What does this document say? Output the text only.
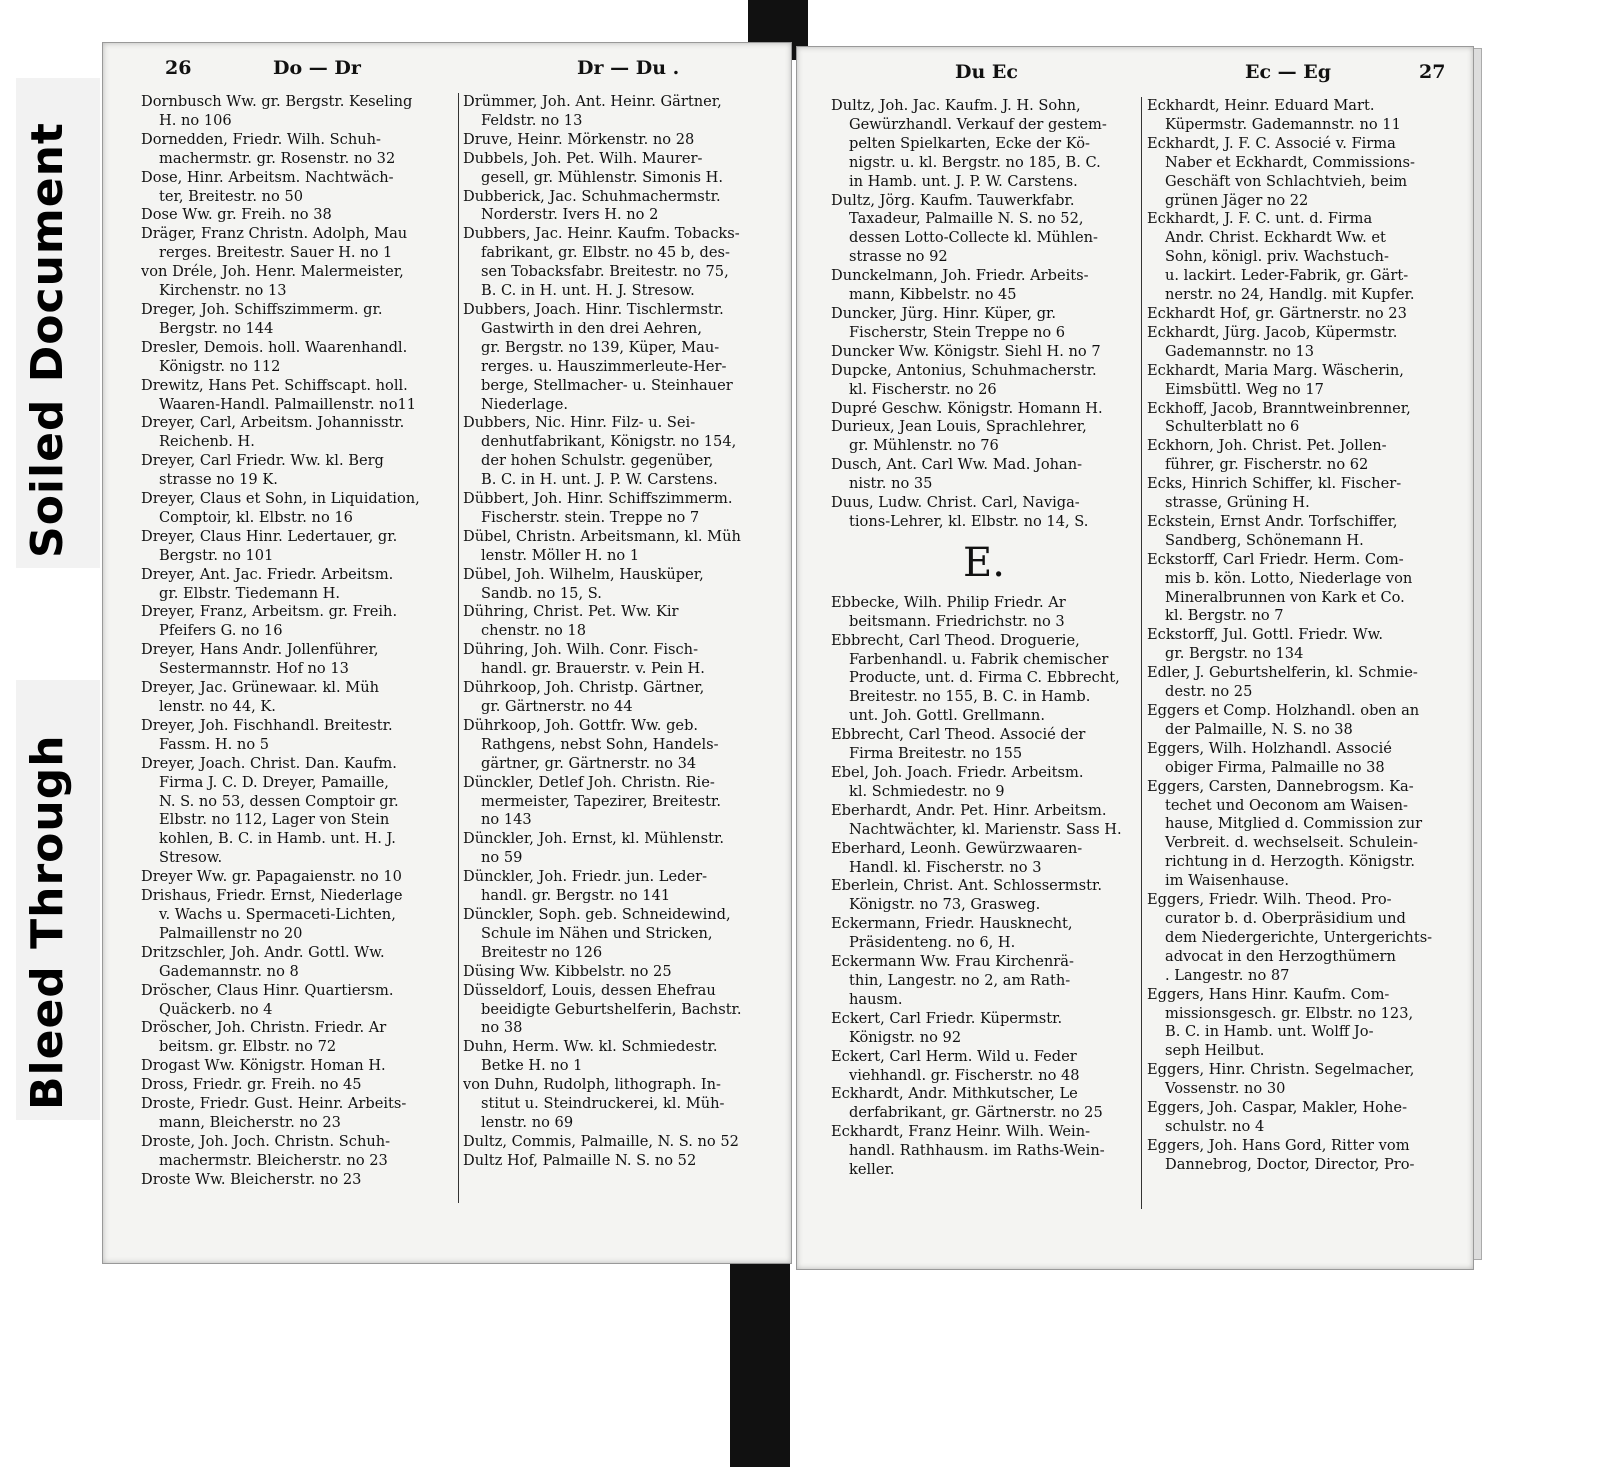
Soiled Document
Bleed Through
26	Do — Dr	Dr — Du .
Dornbusch Ww. gr. Bergstr. Keseling
H. no 106
Dornedden, Friedr. Wilh. Schuh-
machermstr. gr. Rosenstr. no 32
Dose, Hinr. Arbeitsm. Nachtwäch-
ter, Breitestr. no 50
Dose Ww. gr. Freih. no 38
Dräger, Franz Christn. Adolph, Mau
rerges. Breitestr. Sauer H. no 1
von Dréle, Joh. Henr. Malermeister,
Kirchenstr. no 13
Dreger, Joh. Schiffszimmerm. gr.
Bergstr. no 144
Dresler, Demois. holl. Waarenhandl.
Königstr. no 112
Drewitz, Hans Pet. Schiffscapt. holl.
Waaren-Handl. Palmaillenstr. no11
Dreyer, Carl, Arbeitsm. Johannisstr.
Reichenb. H.
Dreyer, Carl Friedr. Ww. kl. Berg
strasse no 19 K.
Dreyer, Claus et Sohn, in Liquidation,
Comptoir, kl. Elbstr. no 16
Dreyer, Claus Hinr. Ledertauer, gr.
Bergstr. no 101
Dreyer, Ant. Jac. Friedr. Arbeitsm.
gr. Elbstr. Tiedemann H.
Dreyer, Franz, Arbeitsm. gr. Freih.
Pfeifers G. no 16
Dreyer, Hans Andr. Jollenführer,
Sestermannstr. Hof no 13
Dreyer, Jac. Grünewaar. kl. Müh
lenstr. no 44, K.
Dreyer, Joh. Fischhandl. Breitestr.
Fassm. H. no 5
Dreyer, Joach. Christ. Dan. Kaufm.
Firma J. C. D. Dreyer, Pamaille,
N. S. no 53, dessen Comptoir gr.
Elbstr. no 112, Lager von Stein
kohlen, B. C. in Hamb. unt. H. J.
Stresow.
Dreyer Ww. gr. Papagaienstr. no 10
Drishaus, Friedr. Ernst, Niederlage
v. Wachs u. Spermaceti-Lichten,
Palmaillenstr no 20
Dritzschler, Joh. Andr. Gottl. Ww.
Gademannstr. no 8
Dröscher, Claus Hinr. Quartiersm.
Quäckerb. no 4
Dröscher, Joh. Christn. Friedr. Ar
beitsm. gr. Elbstr. no 72
Drogast Ww. Königstr. Homan H.
Dross, Friedr. gr. Freih. no 45
Droste, Friedr. Gust. Heinr. Arbeits-
mann, Bleicherstr. no 23
Droste, Joh. Joch. Christn. Schuh-
machermstr. Bleicherstr. no 23
Droste Ww. Bleicherstr. no 23
Drümmer, Joh. Ant. Heinr. Gärtner,
Feldstr. no 13
Druve, Heinr. Mörkenstr. no 28
Dubbels, Joh. Pet. Wilh. Maurer-
gesell, gr. Mühlenstr. Simonis H.
Dubberick, Jac. Schuhmachermstr.
Norderstr. Ivers H. no 2
Dubbers, Jac. Heinr. Kaufm. Tobacks-
fabrikant, gr. Elbstr. no 45 b, des-
sen Tobacksfabr. Breitestr. no 75,
B. C. in H. unt. H. J. Stresow.
Dubbers, Joach. Hinr. Tischlermstr.
Gastwirth in den drei Aehren,
gr. Bergstr. no 139, Küper, Mau-
rerges. u. Hauszimmerleute-Her-
berge, Stellmacher- u. Steinhauer
Niederlage.
Dubbers, Nic. Hinr. Filz- u. Sei-
denhutfabrikant, Königstr. no 154,
der hohen Schulstr. gegenüber,
B. C. in H. unt. J. P. W. Carstens.
Dübbert, Joh. Hinr. Schiffszimmerm.
Fischerstr. stein. Treppe no 7
Dübel, Christn. Arbeitsmann, kl. Müh
lenstr. Möller H. no 1
Dübel, Joh. Wilhelm, Hausküper,
Sandb. no 15, S.
Dühring, Christ. Pet. Ww. Kir
chenstr. no 18
Dühring, Joh. Wilh. Conr. Fisch-
handl. gr. Brauerstr. v. Pein H.
Dührkoop, Joh. Christp. Gärtner,
gr. Gärtnerstr. no 44
Dührkoop, Joh. Gottfr. Ww. geb.
Rathgens, nebst Sohn, Handels-
gärtner, gr. Gärtnerstr. no 34
Dünckler, Detlef Joh. Christn. Rie-
mermeister, Tapezirer, Breitestr.
no 143
Dünckler, Joh. Ernst, kl. Mühlenstr.
no 59
Dünckler, Joh. Friedr. jun. Leder-
handl. gr. Bergstr. no 141
Dünckler, Soph. geb. Schneidewind,
Schule im Nähen und Stricken,
Breitestr no 126
Düsing Ww. Kibbelstr. no 25
Düsseldorf, Louis, dessen Ehefrau
beeidigte Geburtshelferin, Bachstr.
no 38
Duhn, Herm. Ww. kl. Schmiedestr.
Betke H. no 1
von Duhn, Rudolph, lithograph. In-
stitut u. Steindruckerei, kl. Müh-
lenstr. no 69
Dultz, Commis, Palmaille, N. S. no 52
Dultz Hof, Palmaille N. S. no 52
Du Ec	Ec — Eg	27
Dultz, Joh. Jac. Kaufm. J. H. Sohn,
Gewürzhandl. Verkauf der gestem-
pelten Spielkarten, Ecke der Kö-
nigstr. u. kl. Bergstr. no 185, B. C.
in Hamb. unt. J. P. W. Carstens.
Dultz, Jörg. Kaufm. Tauwerkfabr.
Taxadeur, Palmaille N. S. no 52,
dessen Lotto-Collecte kl. Mühlen-
strasse no 92
Dunckelmann, Joh. Friedr. Arbeits-
mann, Kibbelstr. no 45
Duncker, Jürg. Hinr. Küper, gr.
Fischerstr, Stein Treppe no 6
Duncker Ww. Königstr. Siehl H. no 7
Dupcke, Antonius, Schuhmacherstr.
kl. Fischerstr. no 26
Dupré Geschw. Königstr. Homann H.
Durieux, Jean Louis, Sprachlehrer,
gr. Mühlenstr. no 76
Dusch, Ant. Carl Ww. Mad. Johan-
nistr. no 35
Duus, Ludw. Christ. Carl, Naviga-
tions-Lehrer, kl. Elbstr. no 14, S.
E.
Ebbecke, Wilh. Philip Friedr. Ar
beitsmann. Friedrichstr. no 3
Ebbrecht, Carl Theod. Droguerie,
Farbenhandl. u. Fabrik chemischer
Producte, unt. d. Firma C. Ebbrecht,
Breitestr. no 155, B. C. in Hamb.
unt. Joh. Gottl. Grellmann.
Ebbrecht, Carl Theod. Associé der
Firma Breitestr. no 155
Ebel, Joh. Joach. Friedr. Arbeitsm.
kl. Schmiedestr. no 9
Eberhardt, Andr. Pet. Hinr. Arbeitsm.
Nachtwächter, kl. Marienstr. Sass H.
Eberhard, Leonh. Gewürzwaaren-
Handl. kl. Fischerstr. no 3
Eberlein, Christ. Ant. Schlossermstr.
Königstr. no 73, Grasweg.
Eckermann, Friedr. Hausknecht,
Präsidenteng. no 6, H.
Eckermann Ww. Frau Kirchenrä-
thin, Langestr. no 2, am Rath-
hausm.
Eckert, Carl Friedr. Küpermstr.
Königstr. no 92
Eckert, Carl Herm. Wild u. Feder
viehhandl. gr. Fischerstr. no 48
Eckhardt, Andr. Mithkutscher, Le
derfabrikant, gr. Gärtnerstr. no 25
Eckhardt, Franz Heinr. Wilh. Wein-
handl. Rathhausm. im Raths-Wein-
keller.
Eckhardt, Heinr. Eduard Mart.
Küpermstr. Gademannstr. no 11
Eckhardt, J. F. C. Associé v. Firma
Naber et Eckhardt, Commissions-
Geschäft von Schlachtvieh, beim
grünen Jäger no 22
Eckhardt, J. F. C. unt. d. Firma
Andr. Christ. Eckhardt Ww. et
Sohn, königl. priv. Wachstuch-
u. lackirt. Leder-Fabrik, gr. Gärt-
nerstr. no 24, Handlg. mit Kupfer.
Eckhardt Hof, gr. Gärtnerstr. no 23
Eckhardt, Jürg. Jacob, Küpermstr.
Gademannstr. no 13
Eckhardt, Maria Marg. Wäscherin,
Eimsbüttl. Weg no 17
Eckhoff, Jacob, Branntweinbrenner,
Schulterblatt no 6
Eckhorn, Joh. Christ. Pet. Jollen-
führer, gr. Fischerstr. no 62
Ecks, Hinrich Schiffer, kl. Fischer-
strasse, Grüning H.
Eckstein, Ernst Andr. Torfschiffer,
Sandberg, Schönemann H.
Eckstorff, Carl Friedr. Herm. Com-
mis b. kön. Lotto, Niederlage von
Mineralbrunnen von Kark et Co.
kl. Bergstr. no 7
Eckstorff, Jul. Gottl. Friedr. Ww.
gr. Bergstr. no 134
Edler, J. Geburtshelferin, kl. Schmie-
destr. no 25
Eggers et Comp. Holzhandl. oben an
der Palmaille, N. S. no 38
Eggers, Wilh. Holzhandl. Associé
obiger Firma, Palmaille no 38
Eggers, Carsten, Dannebrogsm. Ka-
techet und Oeconom am Waisen-
hause, Mitglied d. Commission zur
Verbreit. d. wechselseit. Schulein-
richtung in d. Herzogth. Königstr.
im Waisenhause.
Eggers, Friedr. Wilh. Theod. Pro-
curator b. d. Oberpräsidium und
dem Niedergerichte, Untergerichts-
advocat in den Herzogthümern
. Langestr. no 87
Eggers, Hans Hinr. Kaufm. Com-
missionsgesch. gr. Elbstr. no 123,
B. C. in Hamb. unt. Wolff Jo-
seph Heilbut.
Eggers, Hinr. Christn. Segelmacher,
Vossenstr. no 30
Eggers, Joh. Caspar, Makler, Hohe-
schulstr. no 4
Eggers, Joh. Hans Gord, Ritter vom
Dannebrog, Doctor, Director, Pro-
